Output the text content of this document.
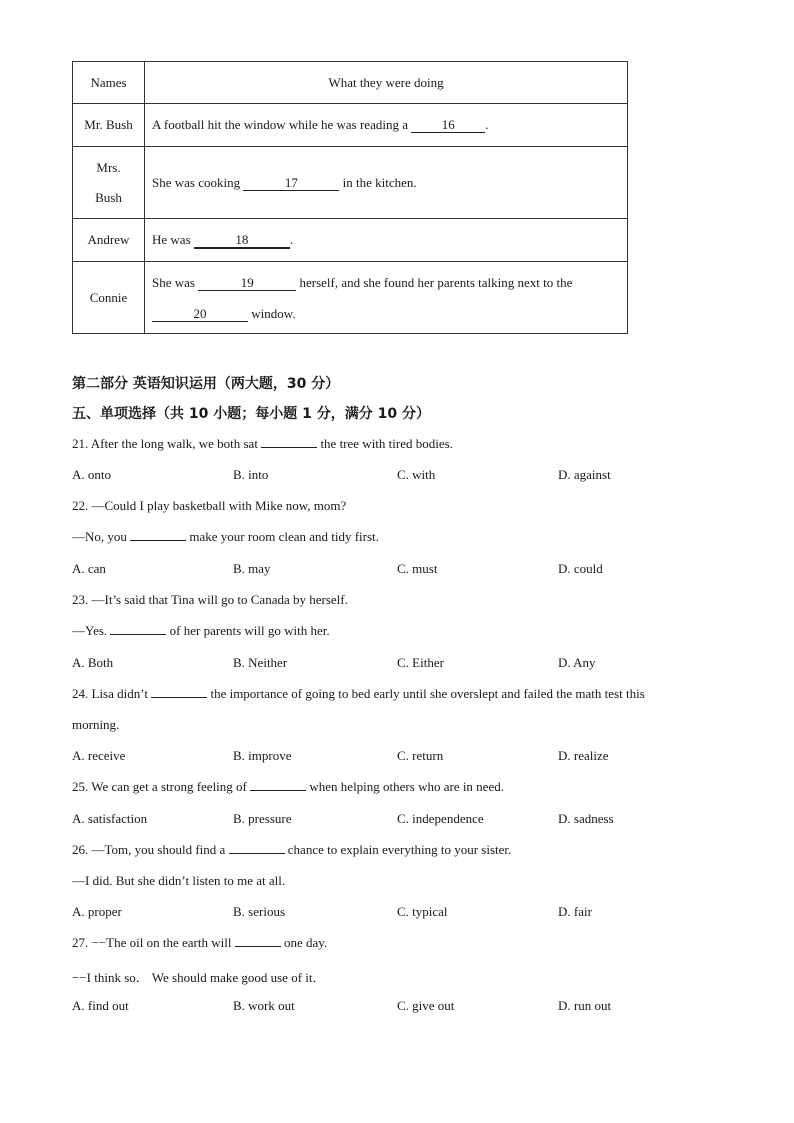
Names	What they were doing
Mr. Bush	A football hit the window while he was reading a 16 .
Mrs.
Bush	She was cooking 17 in the kitchen.
Andrew	He was 18 .
Connie	She was 19 herself, and she found her parents talking next to the
20 window.
第二部分 英语知识运用（两大题，30 分）
五、单项选择（共 10 小题；每小题 1 分，满分 10 分）
21. After the long walk, we both sat	the tree with tired bodies.
A. onto	B. into	C. with	D. against
22. —Could I play basketball with Mike now, mom?
—No, you	make your room clean and tidy first.
A. can	B. may	C. must	D. could
23. —It’s said that Tina will go to Canada by herself.
—Yes.	of her parents will go with her.
A. Both	B. Neither	C. Either	D. Any
24. Lisa didn’t	the importance of going to bed early until she overslept and failed the math test this
morning.
A. receive	B. improve	C. return	D. realize
25. We can get a strong feeling of	when helping others who are in need.
A. satisfaction	B. pressure	C. independence	D. sadness
26. —Tom, you should find a	chance to explain everything to your sister.
—I did. But she didn’t listen to me at all.
A. proper	B. serious	C. typical	D. fair
27. −−The oil on the earth will	one day.
−−I think so． We should make good use of it．
A. find out	B. work out	C. give out	D. run out
